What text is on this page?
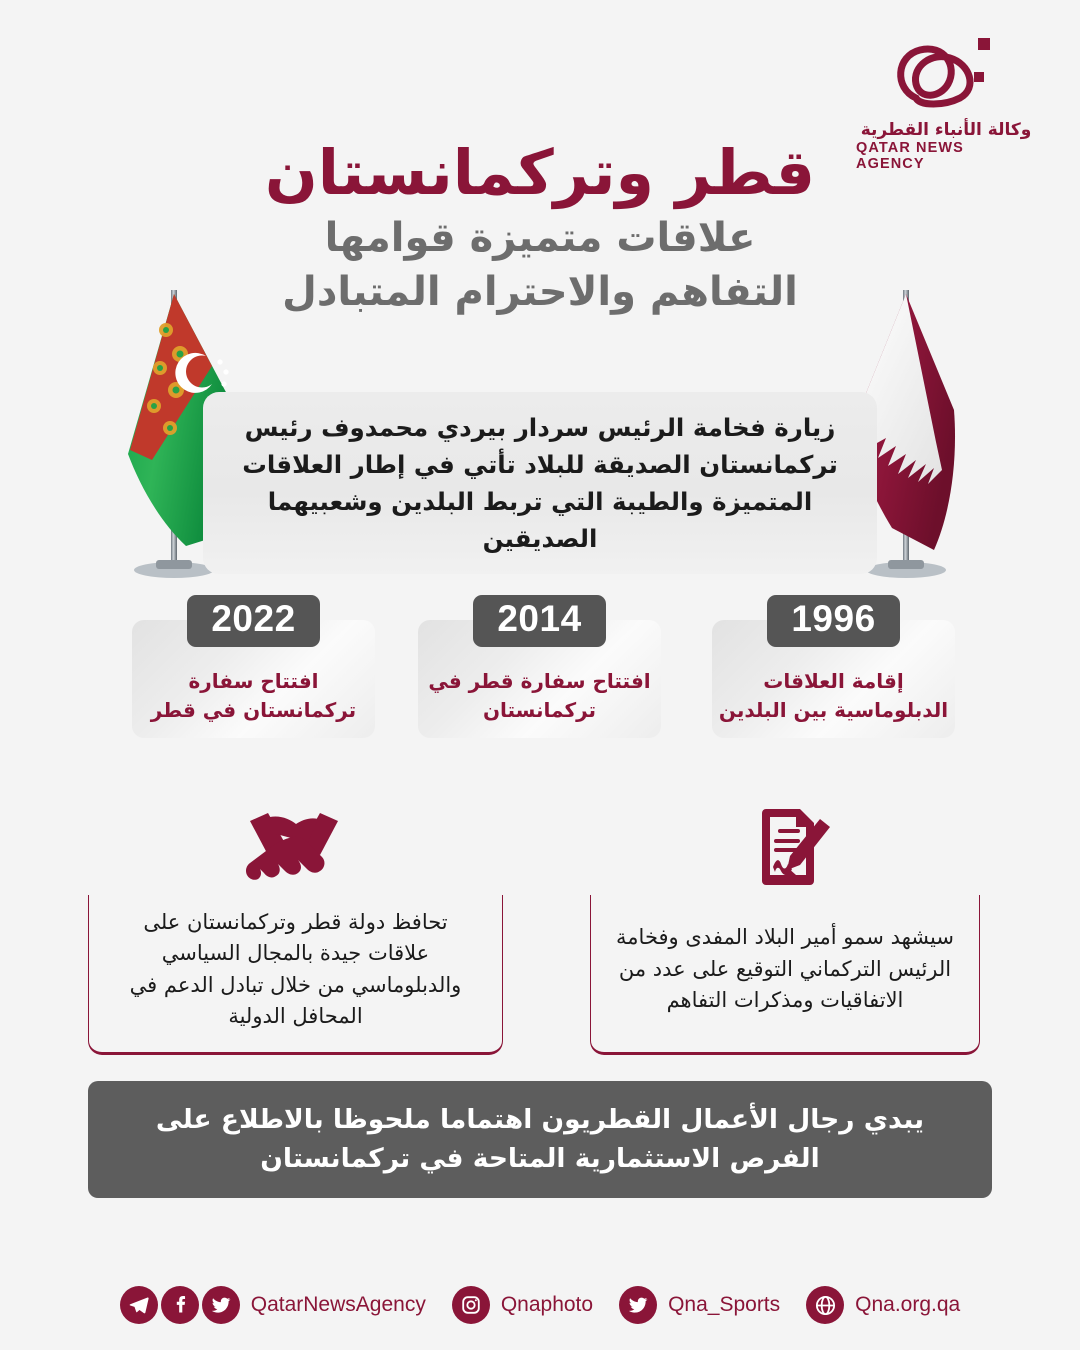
وكالة الأنباء القطرية
QATAR NEWS AGENCY
قطر وتركمانستان
علاقات متميزة قوامها
التفاهم والاحترام المتبادل

زيارة فخامة الرئيس سردار بيردي محمدوف رئيس تركمانستان الصديقة للبلاد تأتي في إطار العلاقات المتميزة والطيبة التي تربط البلدين وشعبيهما الصديقين

2022
افتتاح سفارة تركمانستان في قطر
2014
افتتاح سفارة قطر في تركمانستان
1996
إقامة العلاقات الدبلوماسية بين البلدين

تحافظ دولة قطر وتركمانستان على علاقات جيدة بالمجال السياسي والدبلوماسي من خلال تبادل الدعم في المحافل الدولية

سيشهد سمو أمير البلاد المفدى وفخامة الرئيس التركماني التوقيع على عدد من الاتفاقيات ومذكرات التفاهم

يبدي رجال الأعمال القطريون اهتماما ملحوظا بالاطلاع على الفرص الاستثمارية المتاحة في تركمانستان

QatarNewsAgency	Qnaphoto	Qna_Sports	Qna.org.qa
